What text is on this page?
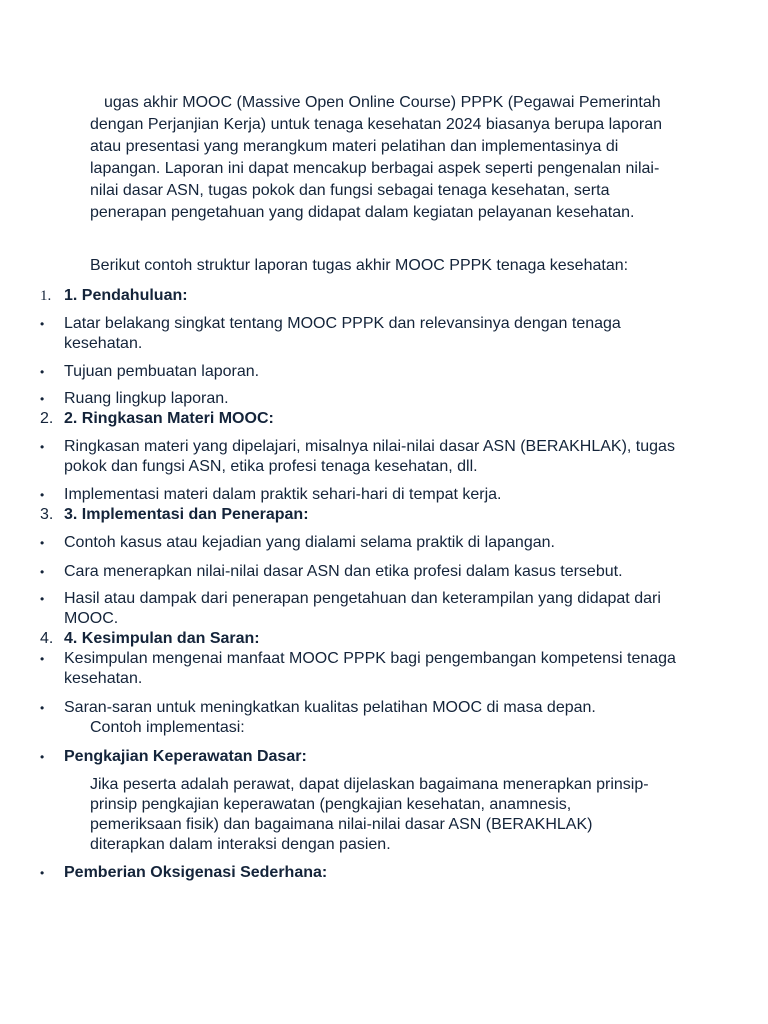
ugas akhir MOOC (Massive Open Online Course) PPPK (Pegawai Pemerintah dengan Perjanjian Kerja) untuk tenaga kesehatan 2024 biasanya berupa laporan atau presentasi yang merangkum materi pelatihan dan implementasinya di lapangan. Laporan ini dapat mencakup berbagai aspek seperti pengenalan nilai-nilai dasar ASN, tugas pokok dan fungsi sebagai tenaga kesehatan, serta penerapan pengetahuan yang didapat dalam kegiatan pelayanan kesehatan.

Berikut contoh struktur laporan tugas akhir MOOC PPPK tenaga kesehatan:

1. 1. Pendahuluan:
•	Latar belakang singkat tentang MOOC PPPK dan relevansinya dengan tenaga kesehatan.
•	Tujuan pembuatan laporan.
•	Ruang lingkup laporan.
2. 2. Ringkasan Materi MOOC:
•	Ringkasan materi yang dipelajari, misalnya nilai-nilai dasar ASN (BERAKHLAK), tugas pokok dan fungsi ASN, etika profesi tenaga kesehatan, dll.
•	Implementasi materi dalam praktik sehari-hari di tempat kerja.
3. 3. Implementasi dan Penerapan:
•	Contoh kasus atau kejadian yang dialami selama praktik di lapangan.
•	Cara menerapkan nilai-nilai dasar ASN dan etika profesi dalam kasus tersebut.
•	Hasil atau dampak dari penerapan pengetahuan dan keterampilan yang didapat dari MOOC.
4. 4. Kesimpulan dan Saran:
•	Kesimpulan mengenai manfaat MOOC PPPK bagi pengembangan kompetensi tenaga kesehatan.
•	Saran-saran untuk meningkatkan kualitas pelatihan MOOC di masa depan.
Contoh implementasi:
•	Pengkajian Keperawatan Dasar:
Jika peserta adalah perawat, dapat dijelaskan bagaimana menerapkan prinsip-prinsip pengkajian keperawatan (pengkajian kesehatan, anamnesis, pemeriksaan fisik) dan bagaimana nilai-nilai dasar ASN (BERAKHLAK) diterapkan dalam interaksi dengan pasien.
•	Pemberian Oksigenasi Sederhana:
